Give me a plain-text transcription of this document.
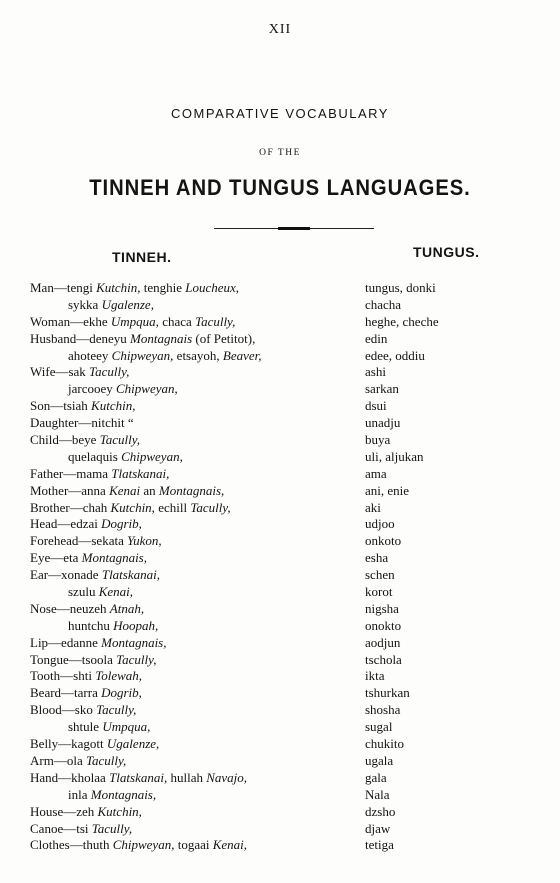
XII
COMPARATIVE VOCABULARY
OF THE
TINNEH AND TUNGUS LANGUAGES.
TINNEH.	TUNGUS.
Man—tengi Kutchin, tenghie Loucheux,	tungus, donki
sykka Ugalenze,	chacha
Woman—ekhe Umpqua, chaca Tacully,	heghe, cheche
Husband—deneyu Montagnais (of Petitot),	edin
ahoteey Chipweyan, etsayoh, Beaver,	edee, oddiu
Wife—sak Tacully,	ashi
jarcooey Chipweyan,	sarkan
Son—tsiah Kutchin,	dsui
Daughter—nitchit “	unadju
Child—beye Tacully,	buya
quelaquis Chipweyan,	uli, aljukan
Father—mama Tlatskanai,	ama
Mother—anna Kenai an Montagnais,	ani, enie
Brother—chah Kutchin, echill Tacully,	aki
Head—edzai Dogrib,	udjoo
Forehead—sekata Yukon,	onkoto
Eye—eta Montagnais,	esha
Ear—xonade Tlatskanai,	schen
szulu Kenai,	korot
Nose—neuzeh Atnah,	nigsha
huntchu Hoopah,	onokto
Lip—edanne Montagnais,	aodjun
Tongue—tsoola Tacully,	tschola
Tooth—shti Tolewah,	ikta
Beard—tarra Dogrib,	tshurkan
Blood—sko Tacully,	shosha
shtule Umpqua,	sugal
Belly—kagott Ugalenze,	chukito
Arm—ola Tacully,	ugala
Hand—kholaa Tlatskanai, hullah Navajo,	gala
inla Montagnais,	Nala
House—zeh Kutchin,	dzsho
Canoe—tsi Tacully,	djaw
Clothes—thuth Chipweyan, togaai Kenai,	tetiga
